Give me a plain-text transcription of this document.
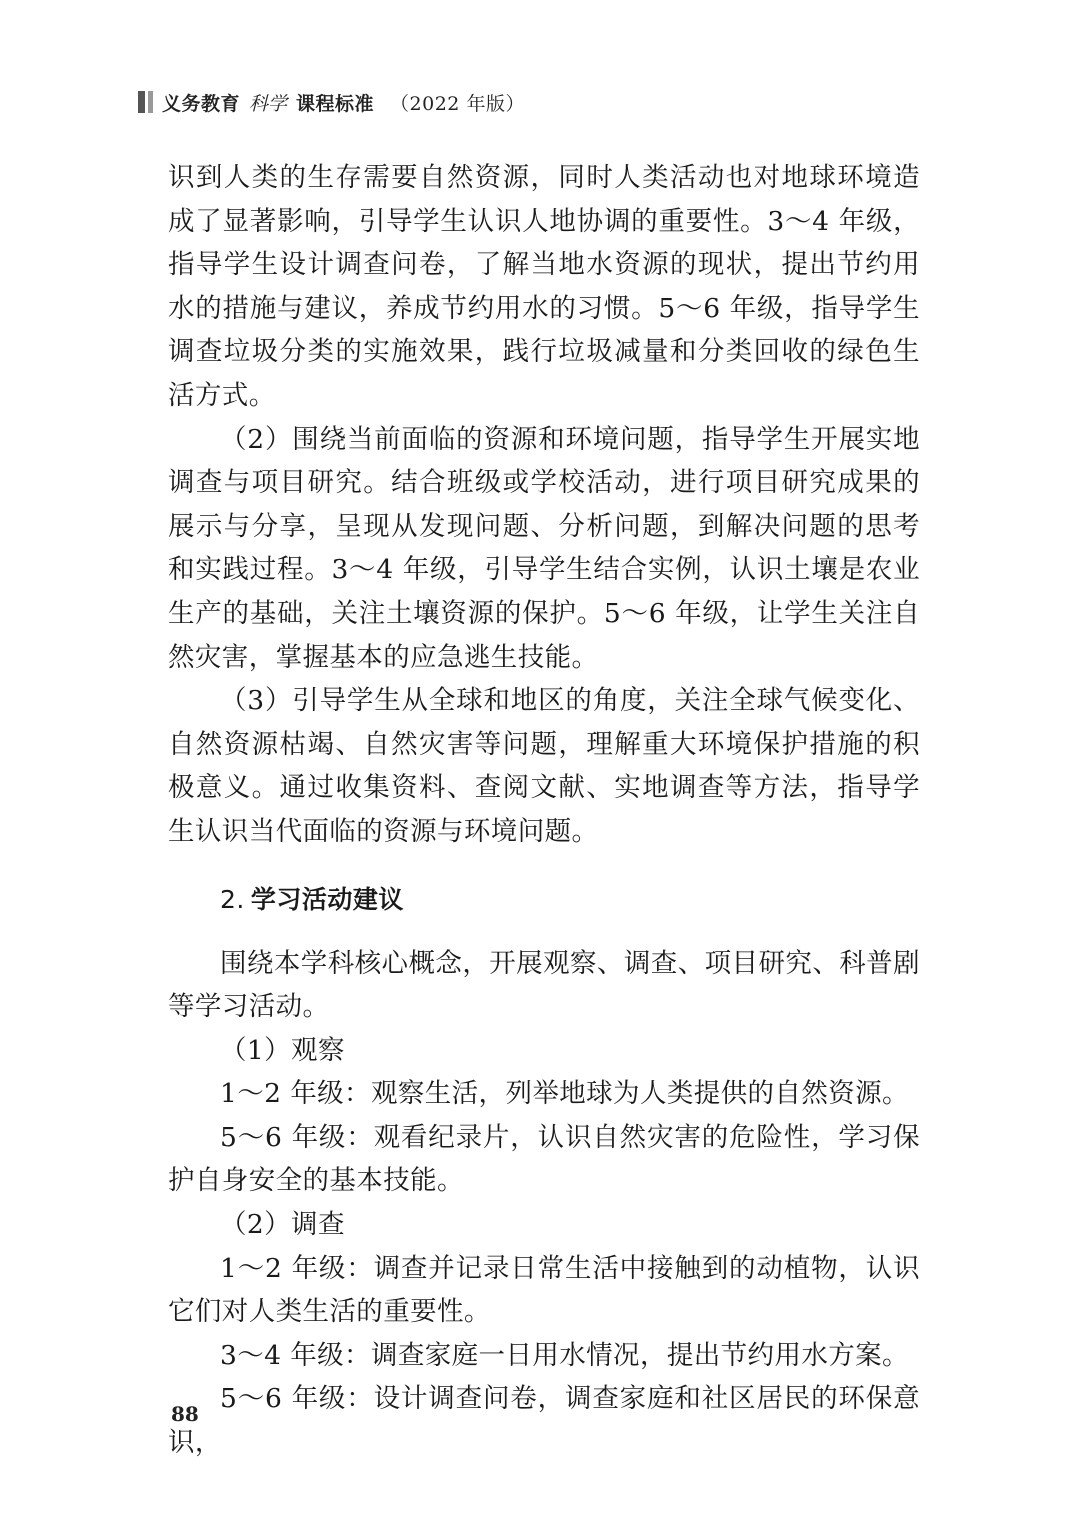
义务教育 科学 课程标准 （2022 年版）

识到人类的生存需要自然资源，同时人类活动也对地球环境造成了显著影响，引导学生认识人地协调的重要性。3～4 年级，指导学生设计调查问卷，了解当地水资源的现状，提出节约用水的措施与建议，养成节约用水的习惯。5～6 年级，指导学生调查垃圾分类的实施效果，践行垃圾减量和分类回收的绿色生活方式。

（2）围绕当前面临的资源和环境问题，指导学生开展实地调查与项目研究。结合班级或学校活动，进行项目研究成果的展示与分享，呈现从发现问题、分析问题，到解决问题的思考和实践过程。3～4 年级，引导学生结合实例，认识土壤是农业生产的基础，关注土壤资源的保护。5～6 年级，让学生关注自然灾害，掌握基本的应急逃生技能。

（3）引导学生从全球和地区的角度，关注全球气候变化、自然资源枯竭、自然灾害等问题，理解重大环境保护措施的积极意义。通过收集资料、查阅文献、实地调查等方法，指导学生认识当代面临的资源与环境问题。

2. 学习活动建议

围绕本学科核心概念，开展观察、调查、项目研究、科普剧等学习活动。

（1）观察

1～2 年级：观察生活，列举地球为人类提供的自然资源。

5～6 年级：观看纪录片，认识自然灾害的危险性，学习保护自身安全的基本技能。

（2）调查

1～2 年级：调查并记录日常生活中接触到的动植物，认识它们对人类生活的重要性。

3～4 年级：调查家庭一日用水情况，提出节约用水方案。

5～6 年级：设计调查问卷，调查家庭和社区居民的环保意识，

88
